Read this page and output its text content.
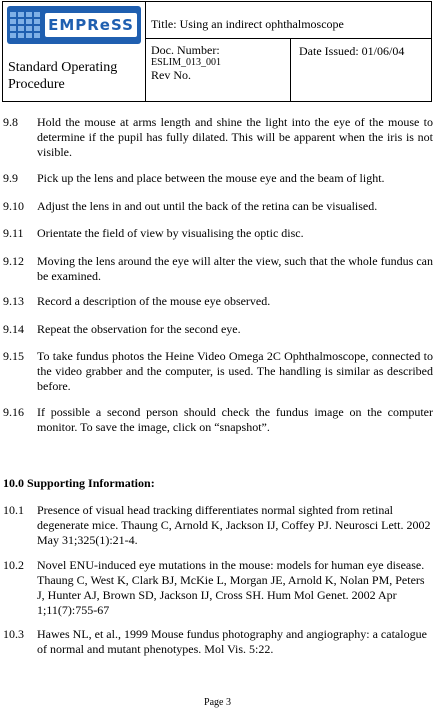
EMPReSS
Standard Operating Procedure
Title: Using an indirect ophthalmoscope
Doc. Number:
ESLIM_013_001
Rev No.
Date Issued: 01/06/04
9.8 Hold the mouse at arms length and shine the light into the eye of the mouse to determine if the pupil has fully dilated. This will be apparent when the iris is not visible.
9.9 Pick up the lens and place between the mouse eye and the beam of light.
9.10 Adjust the lens in and out until the back of the retina can be visualised.
9.11 Orientate the field of view by visualising the optic disc.
9.12 Moving the lens around the eye will alter the view, such that the whole fundus can be examined.
9.13 Record a description of the mouse eye observed.
9.14 Repeat the observation for the second eye.
9.15 To take fundus photos the Heine Video Omega 2C Ophthalmoscope, connected to the video grabber and the computer, is used. The handling is similar as described before.
9.16 If possible a second person should check the fundus image on the computer monitor. To save the image, click on “snapshot”.
10.0 Supporting Information:
10.1 Presence of visual head tracking differentiates normal sighted from retinal degenerate mice. Thaung C, Arnold K, Jackson IJ, Coffey PJ. Neurosci Lett. 2002 May 31;325(1):21-4.
10.2 Novel ENU-induced eye mutations in the mouse: models for human eye disease. Thaung C, West K, Clark BJ, McKie L, Morgan JE, Arnold K, Nolan PM, Peters J, Hunter AJ, Brown SD, Jackson IJ, Cross SH. Hum Mol Genet. 2002 Apr 1;11(7):755-67
10.3 Hawes NL, et al., 1999 Mouse fundus photography and angiography: a catalogue of normal and mutant phenotypes. Mol Vis. 5:22.
Page 3
